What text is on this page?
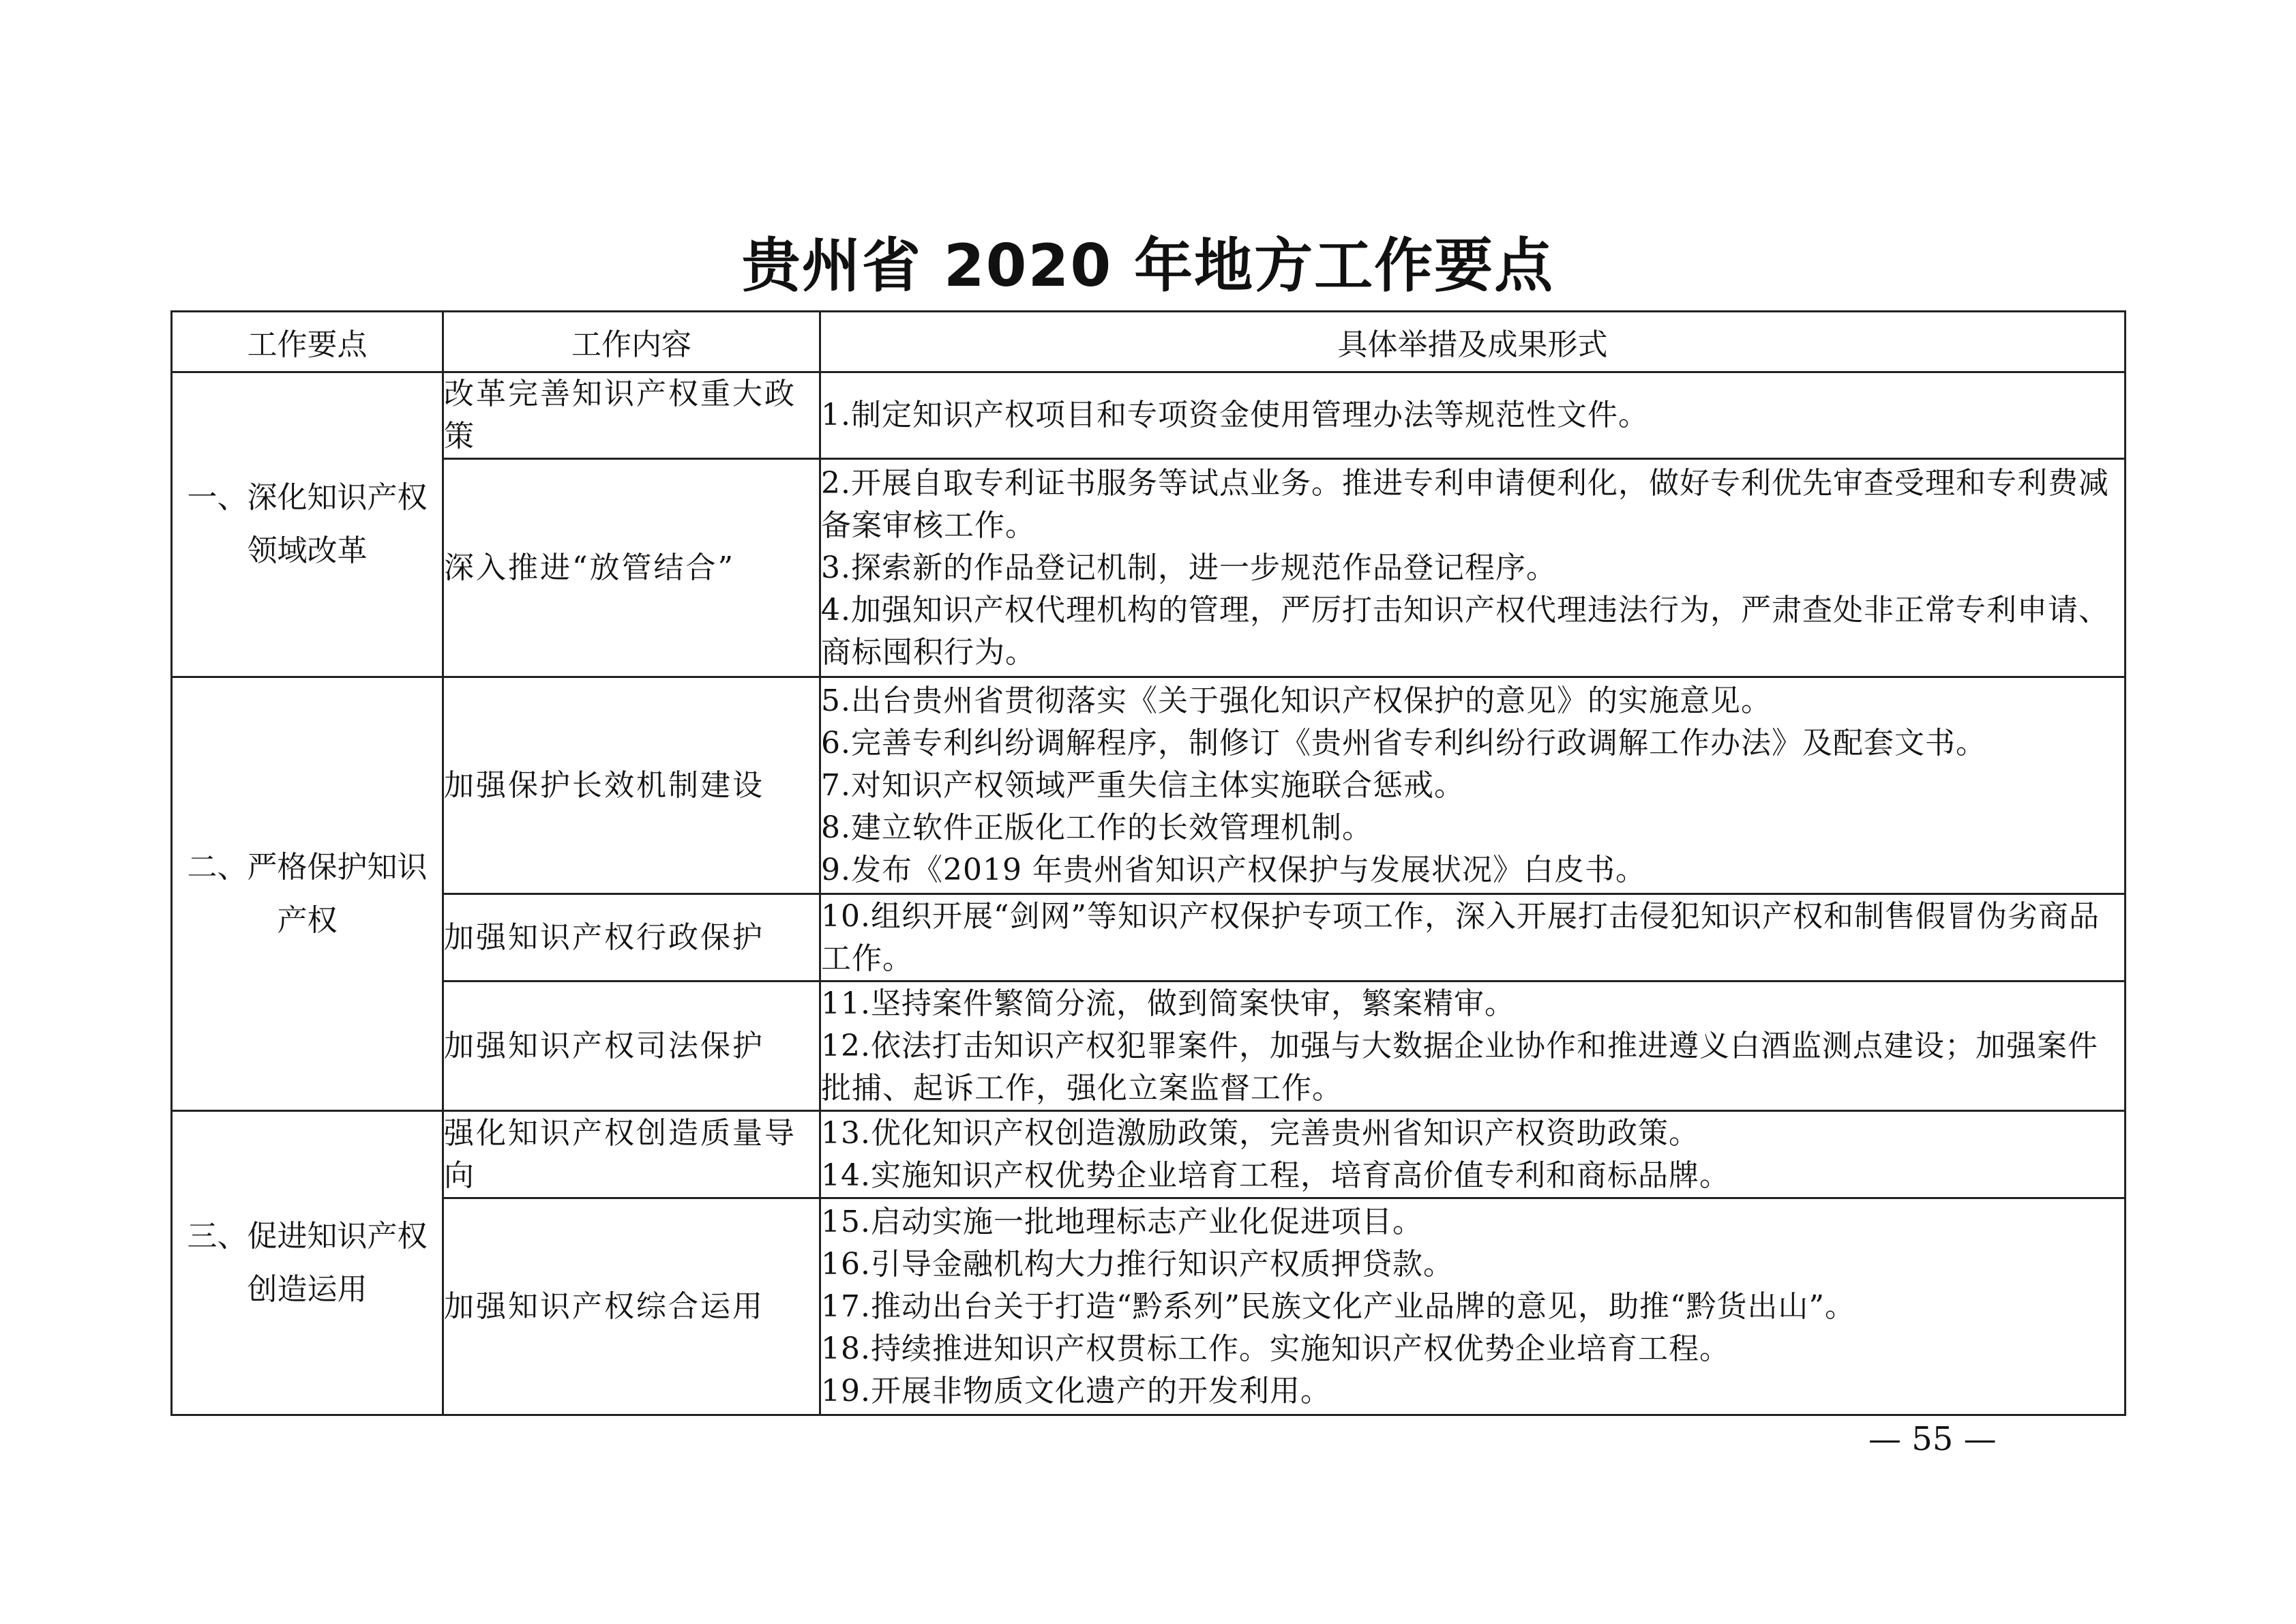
贵州省 2020 年地方工作要点
工作要点	工作内容	具体举措及成果形式
一、深化知识产权领域改革	改革完善知识产权重大政策	1.制定知识产权项目和专项资金使用管理办法等规范性文件。

	深入推进“放管结合”	2.开展自取专利证书服务等试点业务。推进专利申请便利化，做好专利优先审查受理和专利费减备案审核工作。
3.探索新的作品登记机制，进一步规范作品登记程序。
4.加强知识产权代理机构的管理，严厉打击知识产权代理违法行为，严肃查处非正常专利申请、商标囤积行为。

二、严格保护知识产权	加强保护长效机制建设	5.出台贵州省贯彻落实《关于强化知识产权保护的意见》的实施意见。
6.完善专利纠纷调解程序，制修订《贵州省专利纠纷行政调解工作办法》及配套文书。
7.对知识产权领域严重失信主体实施联合惩戒。
8.建立软件正版化工作的长效管理机制。
9.发布《2019 年贵州省知识产权保护与发展状况》白皮书。

	加强知识产权行政保护	10.组织开展“剑网”等知识产权保护专项工作，深入开展打击侵犯知识产权和制售假冒伪劣商品工作。

	加强知识产权司法保护	11.坚持案件繁简分流，做到简案快审，繁案精审。
12.依法打击知识产权犯罪案件，加强与大数据企业协作和推进遵义白酒监测点建设；加强案件批捕、起诉工作，强化立案监督工作。

三、促进知识产权创造运用	强化知识产权创造质量导向	13.优化知识产权创造激励政策，完善贵州省知识产权资助政策。
14.实施知识产权优势企业培育工程，培育高价值专利和商标品牌。

	加强知识产权综合运用	15.启动实施一批地理标志产业化促进项目。
16.引导金融机构大力推行知识产权质押贷款。
17.推动出台关于打造“黔系列”民族文化产业品牌的意见，助推“黔货出山”。
18.持续推进知识产权贯标工作。实施知识产权优势企业培育工程。
19.开展非物质文化遗产的开发利用。
— 55 —
